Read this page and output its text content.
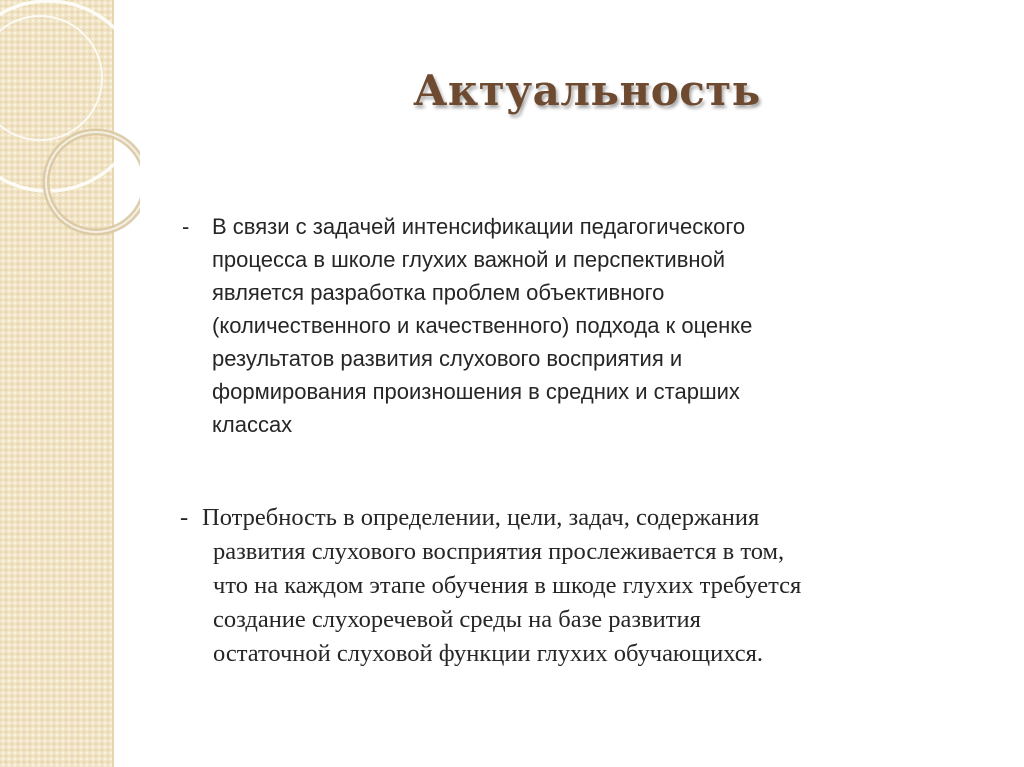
Актуальность
-	В связи с задачей интенсификации педагогического
процесса в школе глухих важной и перспективной
является разработка проблем объективного
(количественного и качественного) подхода к оценке
результатов развития слухового восприятия и
формирования произношения в средних и старших
классах
- Потребность в определении, цели, задач, содержания
развития слухового восприятия прослеживается в том,
что на каждом этапе обучения в шкоде глухих требуется
создание слухоречевой среды на базе развития
остаточной слуховой функции глухих обучающихся.
